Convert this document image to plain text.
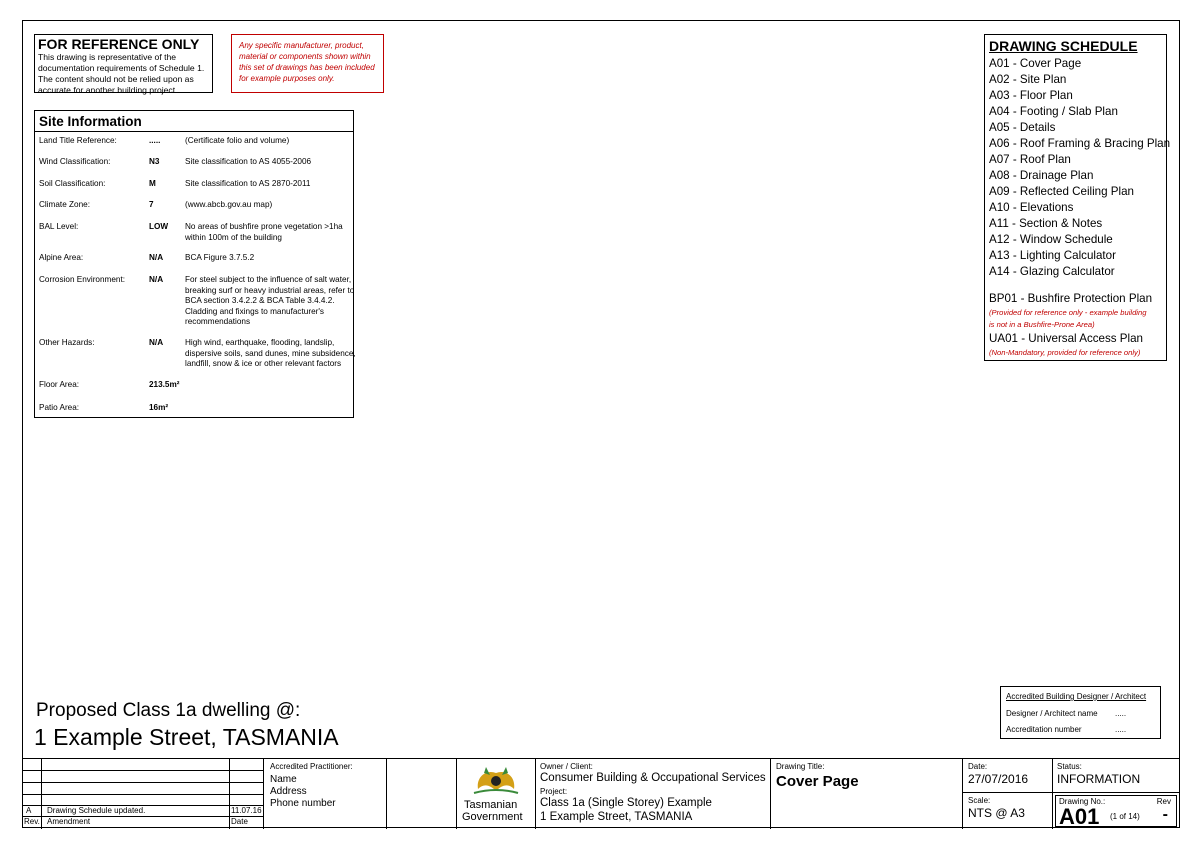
FOR REFERENCE ONLY
This drawing is representative of the documentation requirements of Schedule 1. The content should not be relied upon as accurate for another building project.
Any specific manufacturer, product, material or components shown within this set of drawings has been included for example purposes only.
Site Information
Land Title Reference:	.....	(Certificate folio and volume)
Wind Classification:	N3	Site classification to AS 4055-2006
Soil Classification:	M	Site classification to AS 2870-2011
Climate Zone:	7	(www.abcb.gov.au map)
BAL Level:	LOW	No areas of bushfire prone vegetation >1ha within 100m of the building
Alpine Area:	N/A	BCA Figure 3.7.5.2
Corrosion Environment:	N/A	For steel subject to the influence of salt water, breaking surf or heavy industrial areas, refer to BCA section 3.4.2.2 & BCA Table 3.4.4.2. Cladding and fixings to manufacturer's recommendations
Other Hazards:	N/A	High wind, earthquake, flooding, landslip, dispersive soils, sand dunes, mine subsidence, landfill, snow & ice or other relevant factors
Floor Area:	213.5m²
Patio Area:	16m²
DRAWING SCHEDULE
A01 - Cover Page
A02 - Site Plan
A03 - Floor Plan
A04 - Footing / Slab Plan
A05 - Details
A06 - Roof Framing & Bracing Plan
A07 - Roof Plan
A08 - Drainage Plan
A09 - Reflected Ceiling Plan
A10 - Elevations
A11 - Section & Notes
A12 - Window Schedule
A13 - Lighting Calculator
A14 - Glazing Calculator
BP01 - Bushfire Protection Plan
(Provided for reference only - example building
is not in a Bushfire-Prone Area)
UA01 - Universal Access Plan
(Non-Mandatory, provided for reference only)
Proposed Class 1a dwelling @:
1 Example Street, TASMANIA
Accredited Building Designer / Architect
Designer / Architect name .....
Accreditation number	.....
A Drawing Schedule updated.	11.07.16
Rev. Amendment	Date
Accredited Practitioner:
Name
Address
Phone number	Tasmanian
Government
Owner / Client:
Consumer Building & Occupational Services
Project:
Class 1a (Single Storey) Example
1 Example Street, TASMANIA
Drawing Title:
Cover Page
Date:
27/07/2016
Status:
INFORMATION
Scale:
NTS @ A3
Drawing No.:	Rev
A01 (1 of 14) -
